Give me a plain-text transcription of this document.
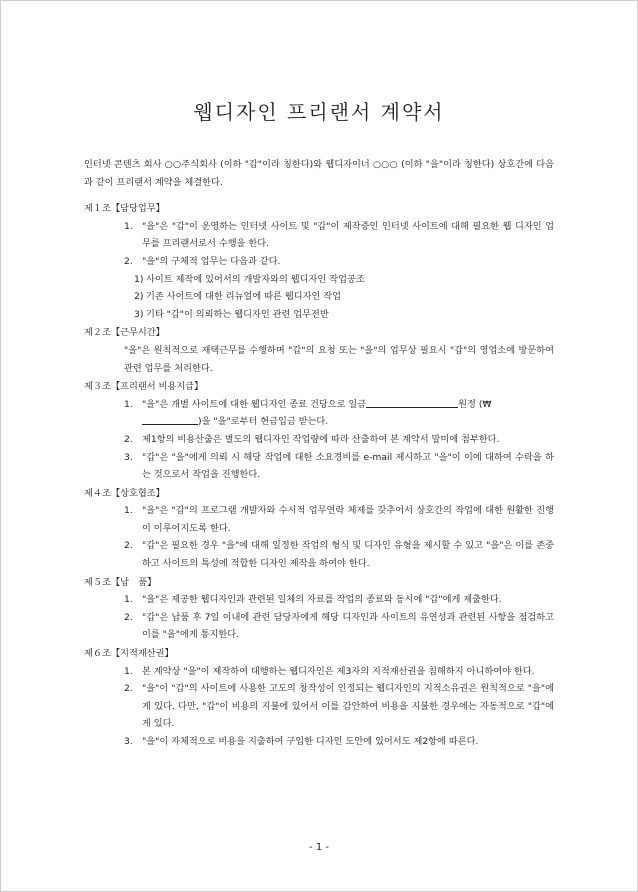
웹디자인 프리랜서 계약서
인터넷 콘텐츠 회사 ○○주식회사 (이하 "갑"이라 칭한다)와 웹디자이너 ○○○ (이하 "을"이라 칭한다) 상호간에 다음과 같이 프리랜서 계약을 체결한다.
제１조【담당업무】
1. "을"은 "갑"이 운영하는 인터넷 사이트 및 "갑"이 제작중인 인터넷 사이트에 대해 필요한 웹 디자인 업무를 프리랜서로서 수행을 한다.
2. "을"의 구체적 업무는 다음과 같다.
1) 사이트 제작에 있어서의 개발자와의 웹디자인 작업공조
2) 기존 사이트에 대한 리뉴얼에 따른 웹디자인 작업
3) 기타 "갑"이 의뢰하는 웹디자인 관련 업무전반
제２조【근무시간】
"을"은 원칙적으로 재택근무를 수행하며 "갑"의 요청 또는 "을"의 업무상 필요시 "갑"의 영업소에 방문하여 관련 업무를 처리한다.
제３조【프리랜서 비용지급】
1. "을"은 개별 사이트에 대한 웹디자인 종료 건당으로 일금	원정 (₩
)을 "을"로부터 현금입금 받는다.
2. 제1항의 비용산출은 별도의 웹디자인 작업량에 따라 산출하여 본 계약서 말미에 첨부한다.
3. "갑"은 "을"에게 의뢰 시 해당 작업에 대한 소요경비를 e-mail 제시하고 "을"이 이에 대하여 수락을 하는 것으로서 작업을 진행한다.
제４조【상호협조】
1. "을"은 "갑"의 프로그램 개발자와 수시적 업무연락 체제를 갖추어서 상호간의 작업에 대한 원활한 진행이 이루어지도록 한다.
2. "갑"은 필요한 경우 "을"에 대해 일정한 작업의 형식 및 디자인 유형을 제시할 수 있고 "을"은 이를 존중하고 사이트의 특성에 적합한 디자인 제작을 하여야 한다.
제５조【납　품】
1. "을"은 제공한 웹디자인과 관련된 일체의 자료를 작업의 종료와 동시에 "갑"에게 제출한다.
2. "갑"은 납품 후 7일 이내에 관련 담당자에게 해당 디자인과 사이트의 유연성과 관련된 사항을 점검하고 이를 "을"에게 통지한다.
제６조【지적재산권】
1. 본 계약상 "을"이 제작하여 대행하는 웹디자인은 제3자의 지적재산권을 침해하지 아니하여야 한다.
2. "을"이 "갑"의 사이트에 사용한 고도의 창작성이 인정되는 웹디자인의 지적소유권은 원칙적으로 "을"에게 있다. 다만, "갑"이 비용의 지불에 있어서 이를 감안하여 비용을 지불한 경우에는 자동적으로 "갑"에게 있다.
3. "을"이 자체적으로 비용을 지출하여 구입한 디자인 도안에 있어서도 제2항에 따른다.
- 1 -
